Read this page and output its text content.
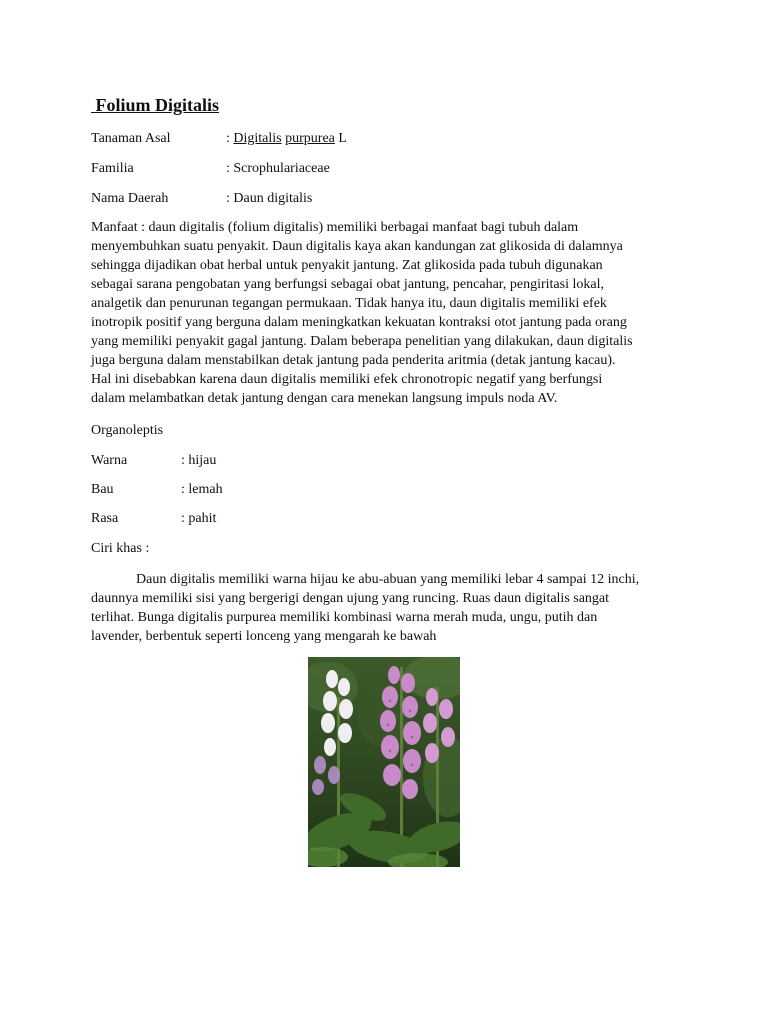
Folium Digitalis
Tanaman Asal	: Digitalis purpurea L
Familia	: Scrophulariaceae
Nama Daerah	: Daun digitalis
Manfaat : daun digitalis (folium digitalis) memiliki berbagai manfaat bagi tubuh dalam
menyembuhkan suatu penyakit. Daun digitalis kaya akan kandungan zat glikosida di dalamnya
sehingga dijadikan obat herbal untuk penyakit jantung. Zat glikosida pada tubuh digunakan
sebagai sarana pengobatan yang berfungsi sebagai obat jantung, pencahar, pengiritasi lokal,
analgetik dan penurunan tegangan permukaan. Tidak hanya itu, daun digitalis memiliki efek
inotropik positif yang berguna dalam meningkatkan kekuatan kontraksi otot jantung pada orang
yang memiliki penyakit gagal jantung. Dalam beberapa penelitian yang dilakukan, daun digitalis
juga berguna dalam menstabilkan detak jantung pada penderita aritmia (detak jantung kacau).
Hal ini disebabkan karena daun digitalis memiliki efek chronotropic negatif yang berfungsi
dalam melambatkan detak jantung dengan cara menekan langsung impuls noda AV.
Organoleptis
Warna	: hijau
Bau	: lemah
Rasa	: pahit
Ciri khas :
Daun digitalis memiliki warna hijau ke abu-abuan yang memiliki lebar 4 sampai 12 inchi,
daunnya memiliki sisi yang bergerigi dengan ujung yang runcing. Ruas daun digitalis sangat
terlihat. Bunga digitalis purpurea memiliki kombinasi warna merah muda, ungu, putih dan
lavender, berbentuk seperti lonceng yang mengarah ke bawah
